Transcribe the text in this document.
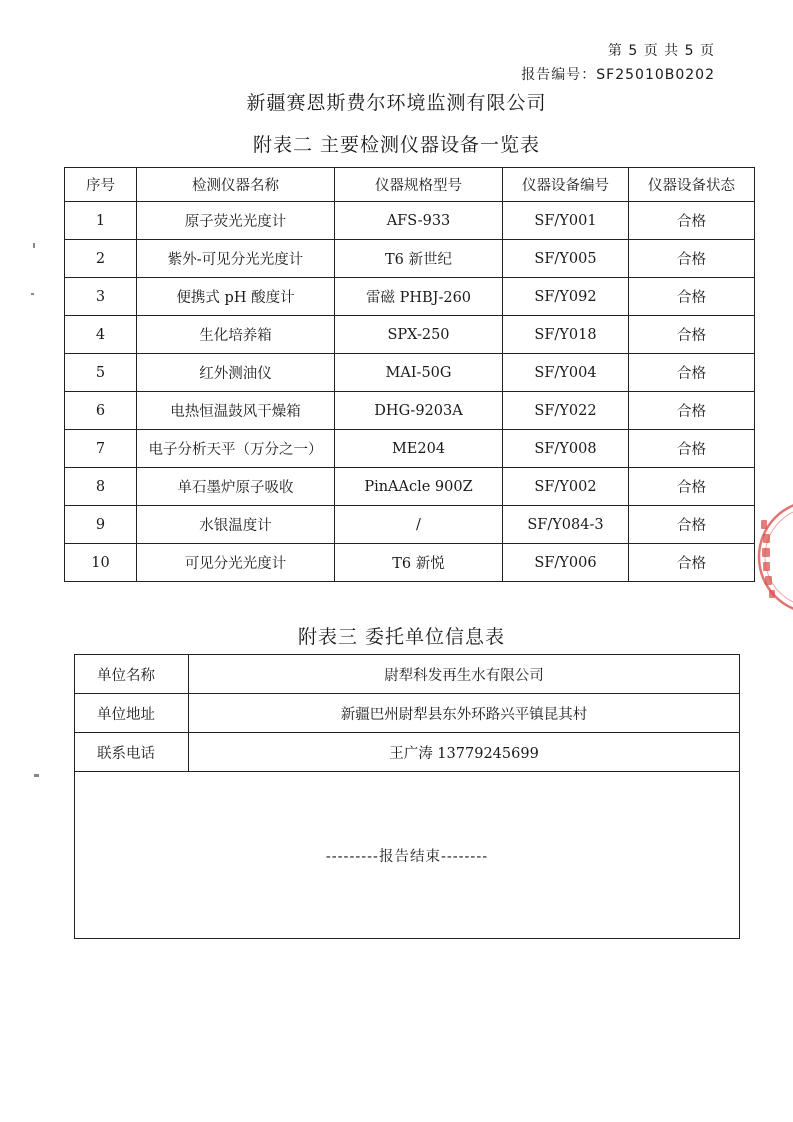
第 5 页 共 5 页
报告编号：SF25010B0202
新疆赛恩斯费尔环境监测有限公司
附表二 主要检测仪器设备一览表
序号	检测仪器名称	仪器规格型号	仪器设备编号	仪器设备状态
1	原子荧光光度计	AFS-933	SF/Y001	合格
2	紫外-可见分光光度计	T6 新世纪	SF/Y005	合格
3	便携式 pH 酸度计	雷磁 PHBJ-260	SF/Y092	合格
4	生化培养箱	SPX-250	SF/Y018	合格
5	红外测油仪	MAI-50G	SF/Y004	合格
6	电热恒温鼓风干燥箱	DHG-9203A	SF/Y022	合格
7	电子分析天平（万分之一）	ME204	SF/Y008	合格
8	单石墨炉原子吸收	PinAAcle 900Z	SF/Y002	合格
9	水银温度计	/	SF/Y084-3	合格
10	可见分光光度计	T6 新悦	SF/Y006	合格
附表三 委托单位信息表
单位名称	尉犁科发再生水有限公司
单位地址	新疆巴州尉犁县东外环路兴平镇昆其村
联系电话	王广涛 13779245699
---------报告结束--------	
